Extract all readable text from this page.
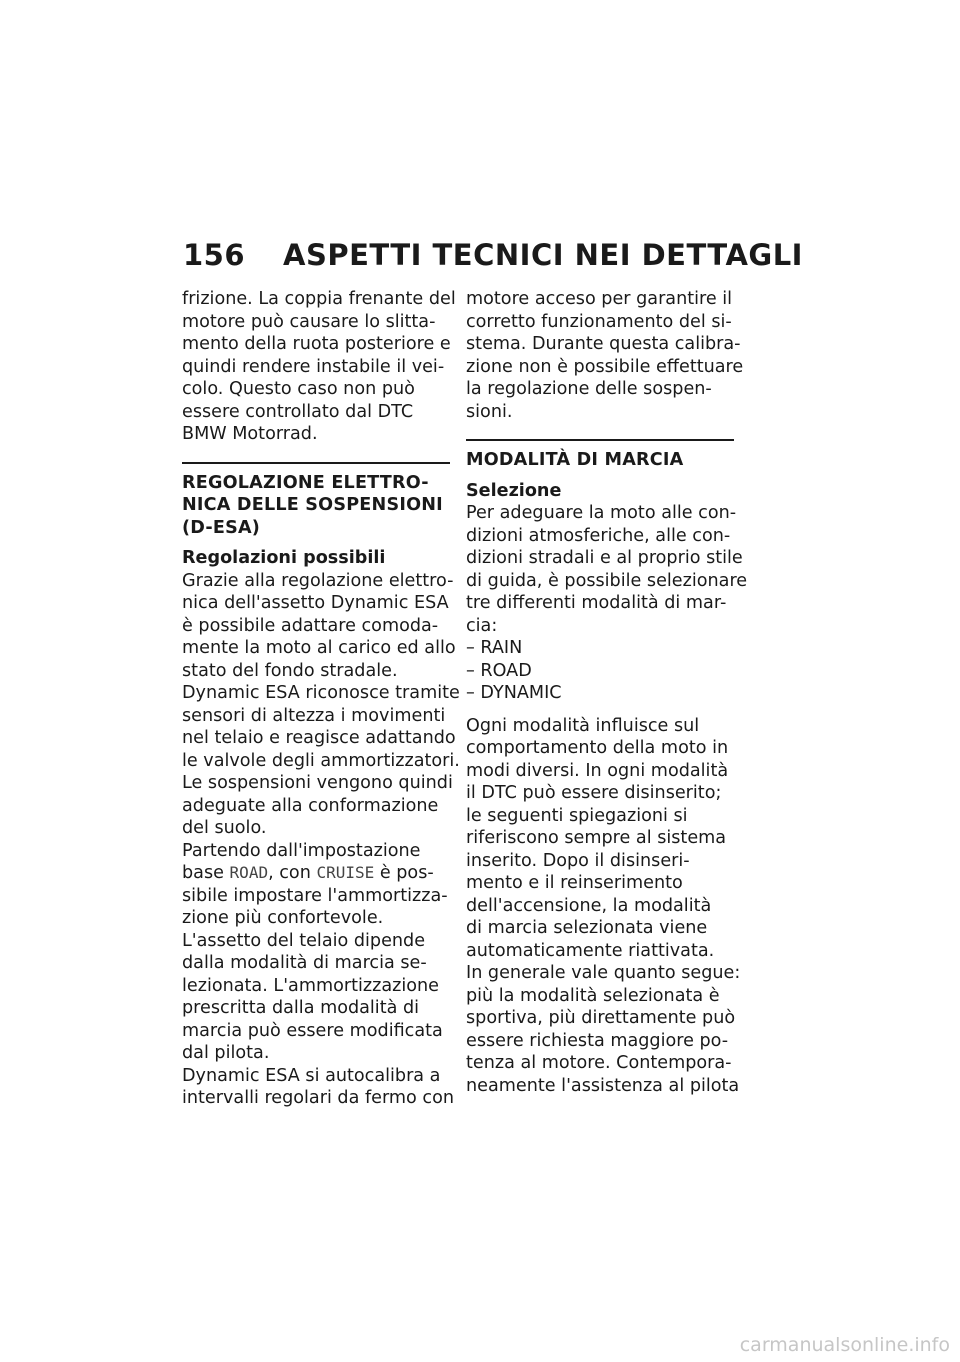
156 ASPETTI TECNICI NEI DETTAGLI
frizione. La coppia frenante del
motore può causare lo slitta-
mento della ruota posteriore e
quindi rendere instabile il vei-
colo. Questo caso non può
essere controllato dal DTC
BMW Motorrad.
REGOLAZIONE ELETTRO-
NICA DELLE SOSPENSIONI
(D-ESA)
Regolazioni possibili
Grazie alla regolazione elettro-
nica dell'assetto Dynamic ESA
è possibile adattare comoda-
mente la moto al carico ed allo
stato del fondo stradale.
Dynamic ESA riconosce tramite
sensori di altezza i movimenti
nel telaio e reagisce adattando
le valvole degli ammortizzatori.
Le sospensioni vengono quindi
adeguate alla conformazione
del suolo.
Partendo dall'impostazione
base ROAD, con CRUISE è pos-
sibile impostare l'ammortizza-
zione più confortevole.
L'assetto del telaio dipende
dalla modalità di marcia se-
lezionata. L'ammortizzazione
prescritta dalla modalità di
marcia può essere modificata
dal pilota.
Dynamic ESA si autocalibra a
intervalli regolari da fermo con
motore acceso per garantire il
corretto funzionamento del si-
stema. Durante questa calibra-
zione non è possibile effettuare
la regolazione delle sospen-
sioni.
MODALITÀ DI MARCIA
Selezione
Per adeguare la moto alle con-
dizioni atmosferiche, alle con-
dizioni stradali e al proprio stile
di guida, è possibile selezionare
tre differenti modalità di mar-
cia:
– RAIN
– ROAD
– DYNAMIC
Ogni modalità influisce sul
comportamento della moto in
modi diversi. In ogni modalità
il DTC può essere disinserito;
le seguenti spiegazioni si
riferiscono sempre al sistema
inserito. Dopo il disinseri-
mento e il reinserimento
dell'accensione, la modalità
di marcia selezionata viene
automaticamente riattivata.
In generale vale quanto segue:
più la modalità selezionata è
sportiva, più direttamente può
essere richiesta maggiore po-
tenza al motore. Contempora-
neamente l'assistenza al pilota
carmanualsonline.info
